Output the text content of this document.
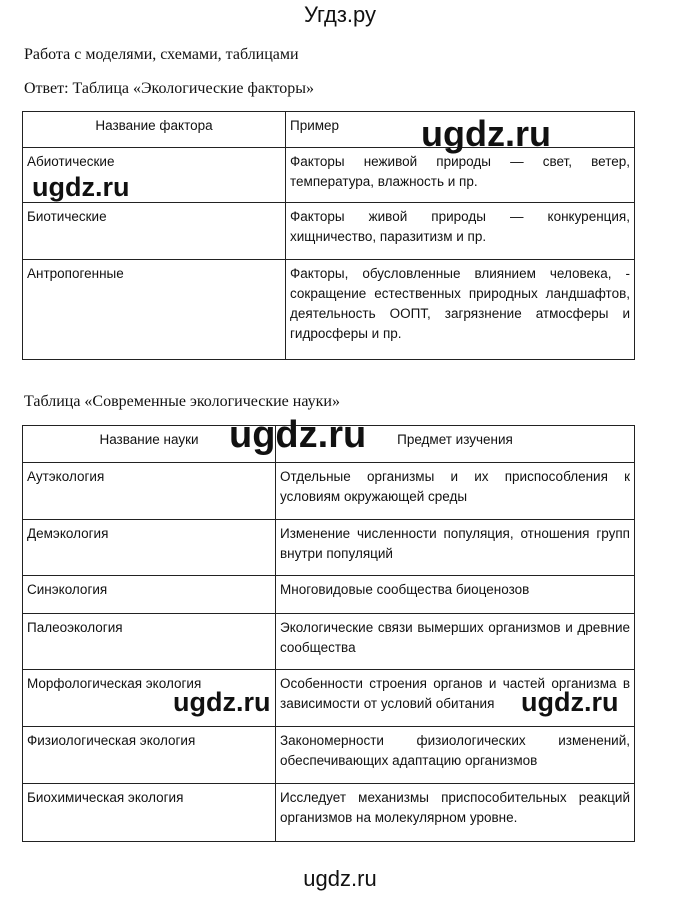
Угдз.ру
Работа с моделями, схемами, таблицами
Ответ: Таблица «Экологические факторы»
Название фактора	Пример
Абиотические	Факторы неживой природы — свет, ветер, температура, влажность и пр.
Биотические	Факторы живой природы — конкуренция, хищничество, паразитизм и пр.
Антропогенные	Факторы, обусловленные влиянием человека, - сокращение естественных природных ландшафтов, деятельность ООПТ, загрязнение атмосферы и гидросферы и пр.
Таблица «Современные экологические науки»
Название науки	Предмет изучения
Аутэкология	Отдельные организмы и их приспособления к условиям окружающей среды
Демэкология	Изменение численности популяция, отношения групп внутри популяций
Синэкология	Многовидовые сообщества биоценозов
Палеоэкология	Экологические связи вымерших организмов и древние сообщества
Морфологическая экология	Особенности строения органов и частей организма в зависимости от условий обитания
Физиологическая экология	Закономерности физиологических изменений, обеспечивающих адаптацию организмов
Биохимическая экология	Исследует механизмы приспособительных реакций организмов на молекулярном уровне.
ugdz.ru
ugdz.ru
ugdz.ru
ugdz.ru	ugdz.ru
ugdz.ru
